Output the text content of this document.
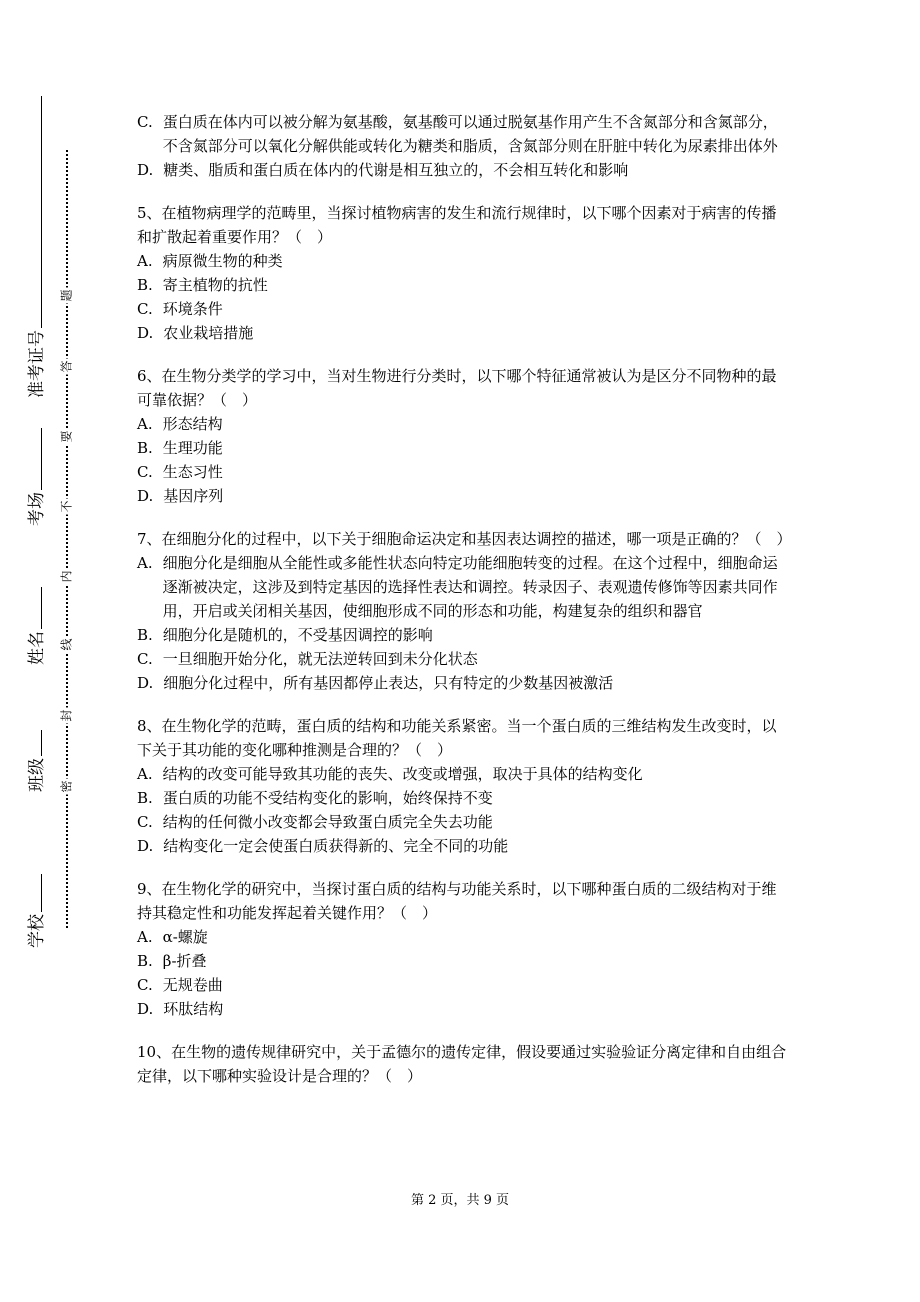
学校
班级
姓名
考场
准考证号
题
答
要
不
内
线
封
密
C. 蛋白质在体内可以被分解为氨基酸，氨基酸可以通过脱氨基作用产生不含氮部分和含氮部分，不含氮部分可以氧化分解供能或转化为糖类和脂质，含氮部分则在肝脏中转化为尿素排出体外
D. 糖类、脂质和蛋白质在体内的代谢是相互独立的，不会相互转化和影响

5、在植物病理学的范畴里，当探讨植物病害的发生和流行规律时，以下哪个因素对于病害的传播和扩散起着重要作用？（　）

A. 病原微生物的种类
B. 寄主植物的抗性
C. 环境条件
D. 农业栽培措施

6、在生物分类学的学习中，当对生物进行分类时，以下哪个特征通常被认为是区分不同物种的最可靠依据？（　）

A. 形态结构
B. 生理功能
C. 生态习性
D. 基因序列

7、在细胞分化的过程中，以下关于细胞命运决定和基因表达调控的描述，哪一项是正确的？（　）

A. 细胞分化是细胞从全能性或多能性状态向特定功能细胞转变的过程。在这个过程中，细胞命运逐渐被决定，这涉及到特定基因的选择性表达和调控。转录因子、表观遗传修饰等因素共同作用，开启或关闭相关基因，使细胞形成不同的形态和功能，构建复杂的组织和器官
B. 细胞分化是随机的，不受基因调控的影响
C. 一旦细胞开始分化，就无法逆转回到未分化状态
D. 细胞分化过程中，所有基因都停止表达，只有特定的少数基因被激活

8、在生物化学的范畴，蛋白质的结构和功能关系紧密。当一个蛋白质的三维结构发生改变时，以下关于其功能的变化哪种推测是合理的？（　）

A. 结构的改变可能导致其功能的丧失、改变或增强，取决于具体的结构变化
B. 蛋白质的功能不受结构变化的影响，始终保持不变
C. 结构的任何微小改变都会导致蛋白质完全失去功能
D. 结构变化一定会使蛋白质获得新的、完全不同的功能

9、在生物化学的研究中，当探讨蛋白质的结构与功能关系时，以下哪种蛋白质的二级结构对于维持其稳定性和功能发挥起着关键作用？（　）

A. α-螺旋
B. β-折叠
C. 无规卷曲
D. 环肽结构

10、在生物的遗传规律研究中，关于孟德尔的遗传定律，假设要通过实验验证分离定律和自由组合定律，以下哪种实验设计是合理的？（　）

第 2 页，共 9 页
